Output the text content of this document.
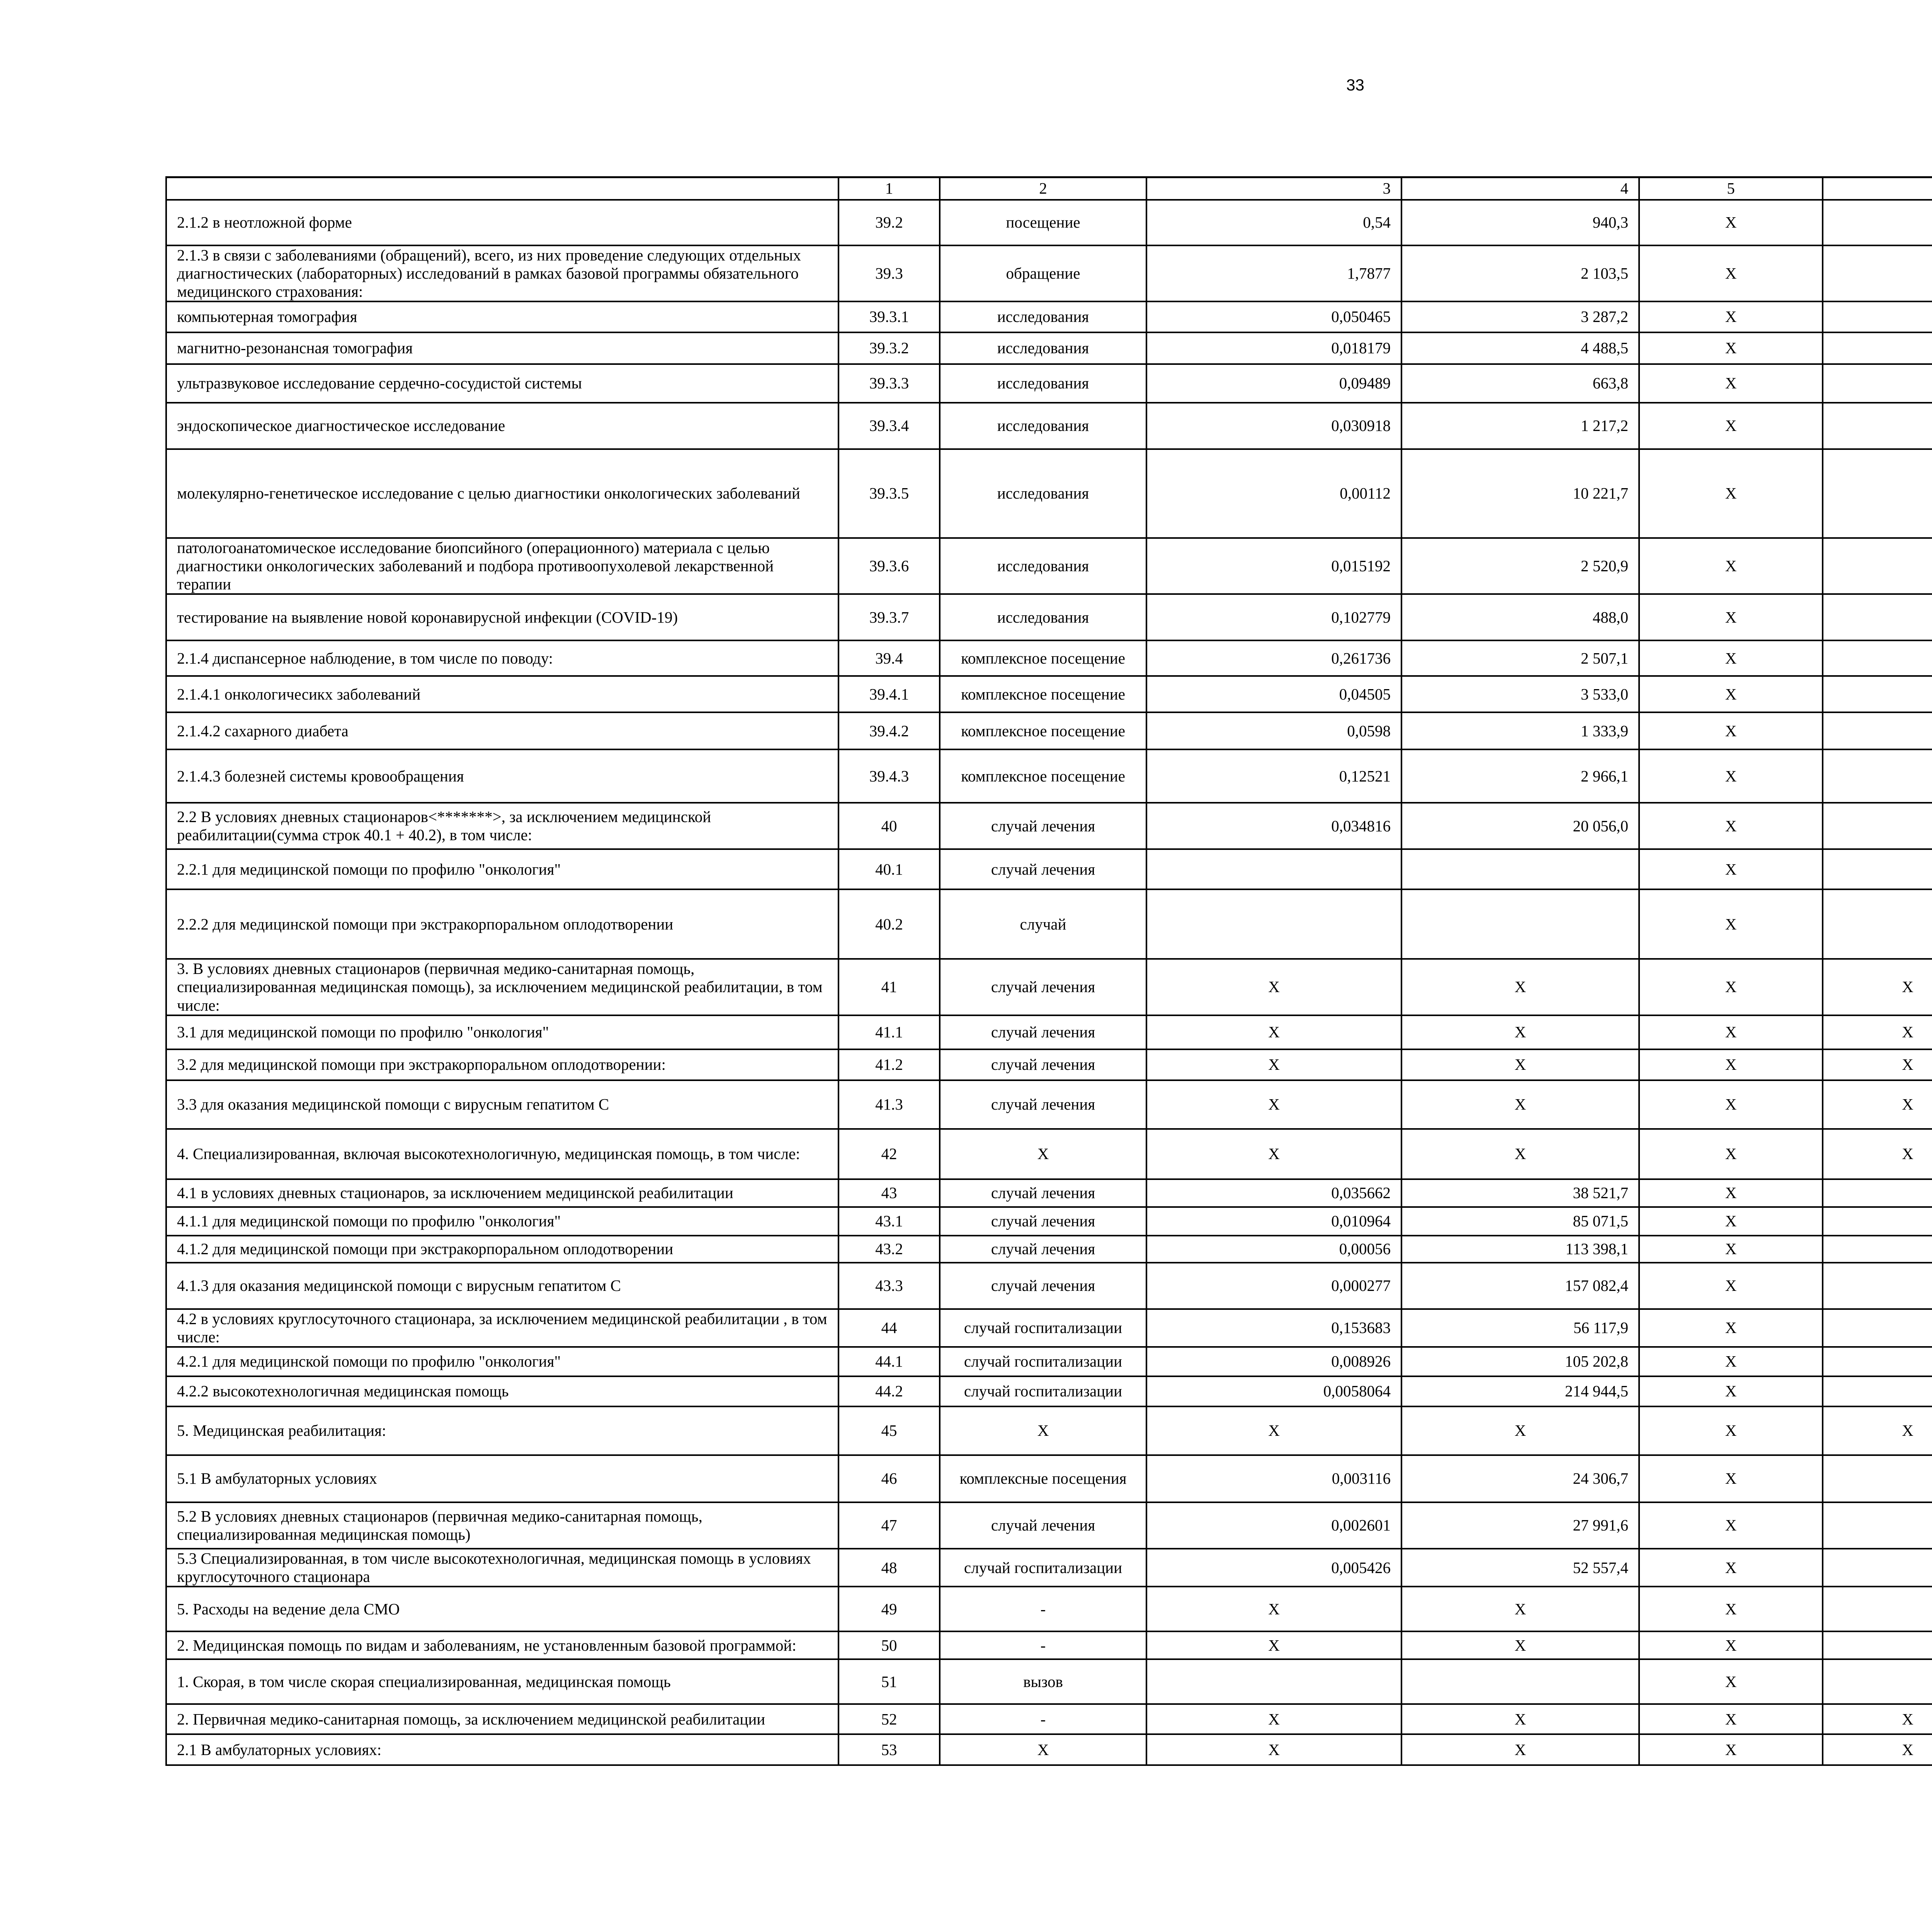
33
	1	2	3	4	5				
2.1.2 в неотложной форме	39.2	посещение	0,54	940,3	X				
2.1.3 в связи с заболеваниями (обращений), всего, из них проведение следующих отдельных диагностических (лабораторных) исследований в рамках базовой программы обязательного медицинского страхования:	39.3	обращение	1,7877	2 103,5	X				
компьютерная томография	39.3.1	исследования	0,050465	3 287,2	X				
магнитно-резонансная томография	39.3.2	исследования	0,018179	4 488,5	X				
ультразвуковое исследование сердечно-сосудистой системы	39.3.3	исследования	0,09489	663,8	X				
эндоскопическое диагностическое исследование	39.3.4	исследования	0,030918	1 217,2	X				
молекулярно-генетическое исследование с целью диагностики онкологических заболеваний	39.3.5	исследования	0,00112	10 221,7	X				
патологоанатомическое исследование биопсийного (операционного) материала с целью диагностики онкологических заболеваний и подбора противоопухолевой лекарственной терапии	39.3.6	исследования	0,015192	2 520,9	X				
тестирование на выявление новой коронавирусной инфекции (COVID-19)	39.3.7	исследования	0,102779	488,0	X				
2.1.4 диспансерное наблюдение, в том числе по поводу:	39.4	комплексное посещение	0,261736	2 507,1	X				
2.1.4.1 онкологичесикх заболеваний	39.4.1	комплексное посещение	0,04505	3 533,0	X				
2.1.4.2 сахарного диабета	39.4.2	комплексное посещение	0,0598	1 333,9	X				
2.1.4.3 болезней системы кровообращения	39.4.3	комплексное посещение	0,12521	2 966,1	X				
2.2 В условиях дневных стационаров<*******>, за исключением медицинской реабилитации(сумма строк 40.1 + 40.2), в том числе:	40	случай лечения	0,034816	20 056,0	X				
2.2.1 для медицинской помощи по профилю "онкология"	40.1	случай лечения			X				
2.2.2 для медицинской помощи при экстракорпоральном оплодотворении	40.2	случай			X				
3. В условиях дневных стационаров (первичная медико-санитарная помощь, специализированная медицинская помощь), за исключением медицинской реабилитации, в том числе:	41	случай лечения	X	X	X	X			
3.1 для медицинской помощи по профилю "онкология"	41.1	случай лечения	X	X	X	X			
3.2 для медицинской помощи при экстракорпоральном оплодотворении:	41.2	случай лечения	X	X	X	X			
3.3 для оказания медицинской помощи с вирусным гепатитом С	41.3	случай лечения	X	X	X	X			
4. Специализированная, включая высокотехнологичную, медицинская помощь, в том числе:	42	X	X	X	X	X			
4.1 в условиях дневных стационаров, за исключением медицинской реабилитации	43	случай лечения	0,035662	38 521,7	X				
4.1.1 для медицинской помощи по профилю "онкология"	43.1	случай лечения	0,010964	85 071,5	X				
4.1.2 для медицинской помощи при экстракорпоральном оплодотворении	43.2	случай лечения	0,00056	113 398,1	X				
4.1.3 для оказания медицинской помощи с вирусным гепатитом С	43.3	случай лечения	0,000277	157 082,4	X				
4.2 в условиях круглосуточного стационара, за исключением медицинской реабилитации , в том числе:	44	случай госпитализации	0,153683	56 117,9	X				
4.2.1 для медицинской помощи по профилю "онкология"	44.1	случай госпитализации	0,008926	105 202,8	X				
4.2.2 высокотехнологичная медицинская помощь	44.2	случай госпитализации	0,0058064	214 944,5	X				
5. Медицинская реабилитация:	45	X	X	X	X	X			
5.1 В амбулаторных условиях	46	комплексные посещения	0,003116	24 306,7	X				
5.2 В условиях дневных стационаров (первичная медико-санитарная помощь, специализированная медицинская помощь)	47	случай лечения	0,002601	27 991,6	X				
5.3 Специализированная, в том числе высокотехнологичная, медицинская помощь в условиях круглосуточного стационара	48	случай госпитализации	0,005426	52 557,4	X				
5. Расходы на ведение дела СМО	49	-	X	X	X				
2. Медицинская помощь по видам и заболеваниям, не установленным базовой программой:	50	-	X	X	X				
1. Скорая, в том числе скорая специализированная, медицинская помощь	51	вызов			X				
2. Первичная медико-санитарная помощь, за исключением медицинской реабилитации	52	-	X	X	X	X			
2.1 В амбулаторных условиях:	53	X	X	X	X	X			
